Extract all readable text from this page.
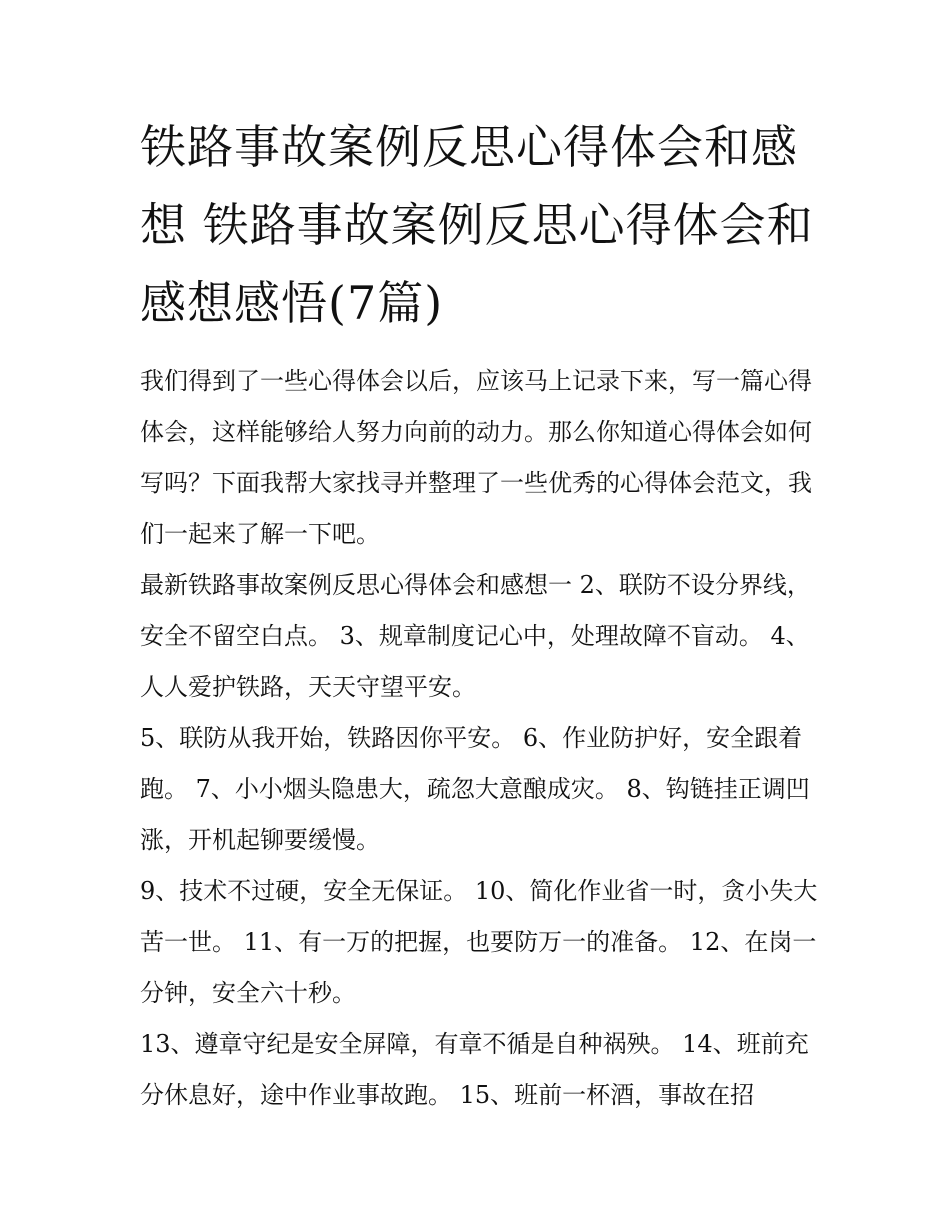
铁路事故案例反思心得体会和感想 铁路事故案例反思心得体会和感想感悟(7篇)

我们得到了一些心得体会以后，应该马上记录下来，写一篇心得体会，这样能够给人努力向前的动力。那么你知道心得体会如何写吗？下面我帮大家找寻并整理了一些优秀的心得体会范文，我们一起来了解一下吧。

最新铁路事故案例反思心得体会和感想一 2、联防不设分界线，安全不留空白点。 3、规章制度记心中，处理故障不盲动。 4、人人爱护铁路，天天守望平安。

5、联防从我开始，铁路因你平安。 6、作业防护好，安全跟着跑。 7、小小烟头隐患大，疏忽大意酿成灾。 8、钩链挂正调凹涨，开机起铆要缓慢。

9、技术不过硬，安全无保证。 10、简化作业省一时，贪小失大苦一世。 11、有一万的把握，也要防万一的准备。 12、在岗一分钟，安全六十秒。

13、遵章守纪是安全屏障，有章不循是自种祸殃。 14、班前充分休息好，途中作业事故跑。 15、班前一杯酒，事故在招
